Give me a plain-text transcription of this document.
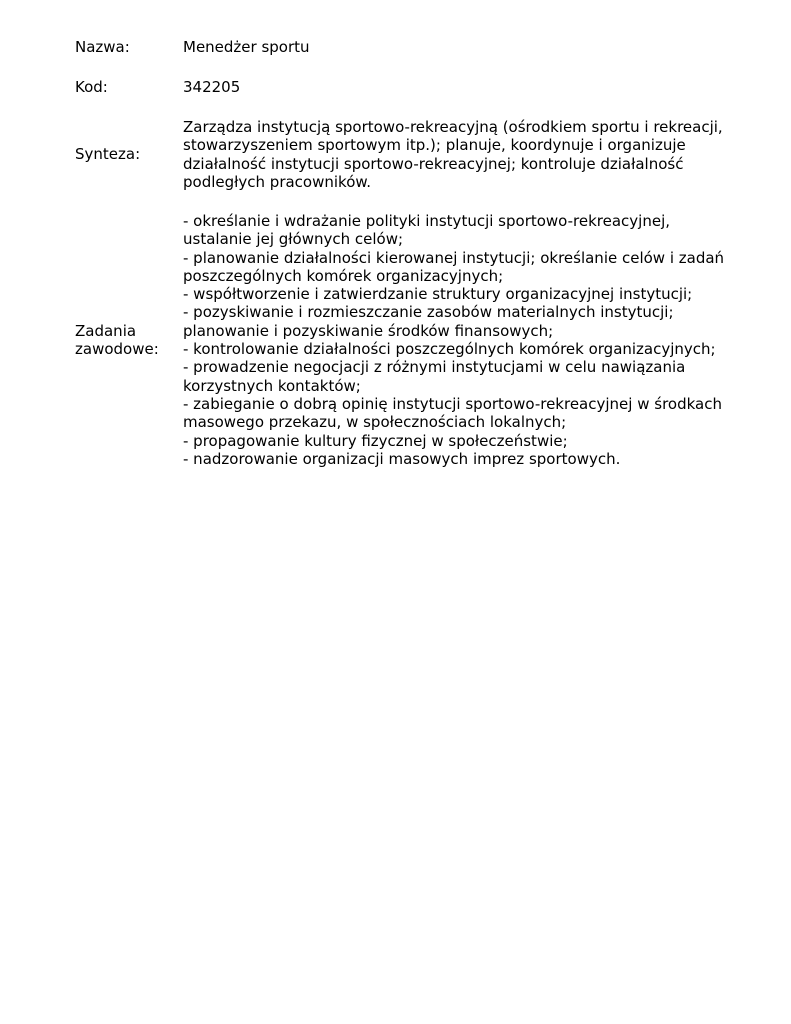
Nazwa:	Menedżer sportu
Kod:	342205
Synteza:
Zarządza instytucją sportowo-rekreacyjną (ośrodkiem sportu i rekreacji,
stowarzyszeniem sportowym itp.); planuje, koordynuje i organizuje
działalność instytucji sportowo-rekreacyjnej; kontroluje działalność
podległych pracowników.
Zadania
zawodowe:
- określanie i wdrażanie polityki instytucji sportowo-rekreacyjnej,
ustalanie jej głównych celów;
- planowanie działalności kierowanej instytucji; określanie celów i zadań
poszczególnych komórek organizacyjnych;
- współtworzenie i zatwierdzanie struktury organizacyjnej instytucji;
- pozyskiwanie i rozmieszczanie zasobów materialnych instytucji;
planowanie i pozyskiwanie środków finansowych;
- kontrolowanie działalności poszczególnych komórek organizacyjnych;
- prowadzenie negocjacji z różnymi instytucjami w celu nawiązania
korzystnych kontaktów;
- zabieganie o dobrą opinię instytucji sportowo-rekreacyjnej w środkach
masowego przekazu, w społecznościach lokalnych;
- propagowanie kultury fizycznej w społeczeństwie;
- nadzorowanie organizacji masowych imprez sportowych.
